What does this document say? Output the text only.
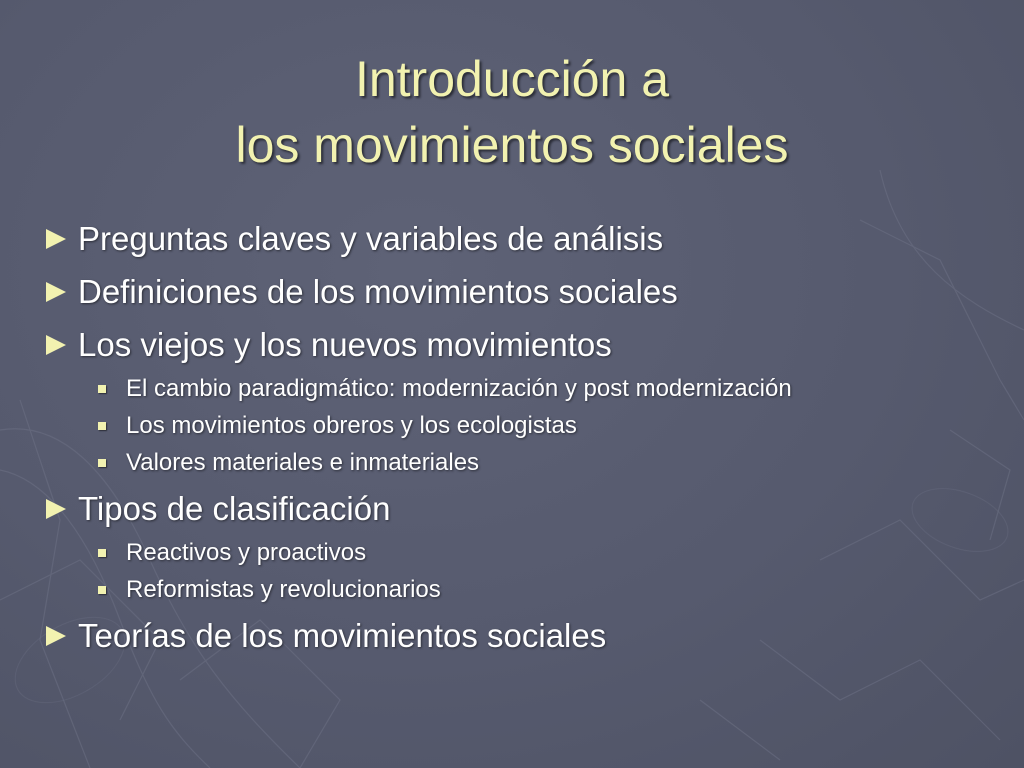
Introducción a
los movimientos sociales
Preguntas claves y variables de análisis
Definiciones de los movimientos sociales
Los viejos y los nuevos movimientos
El cambio paradigmático: modernización y post modernización
Los movimientos obreros y los ecologistas
Valores materiales e inmateriales
Tipos de clasificación
Reactivos y proactivos
Reformistas y revolucionarios
Teorías de los movimientos sociales
